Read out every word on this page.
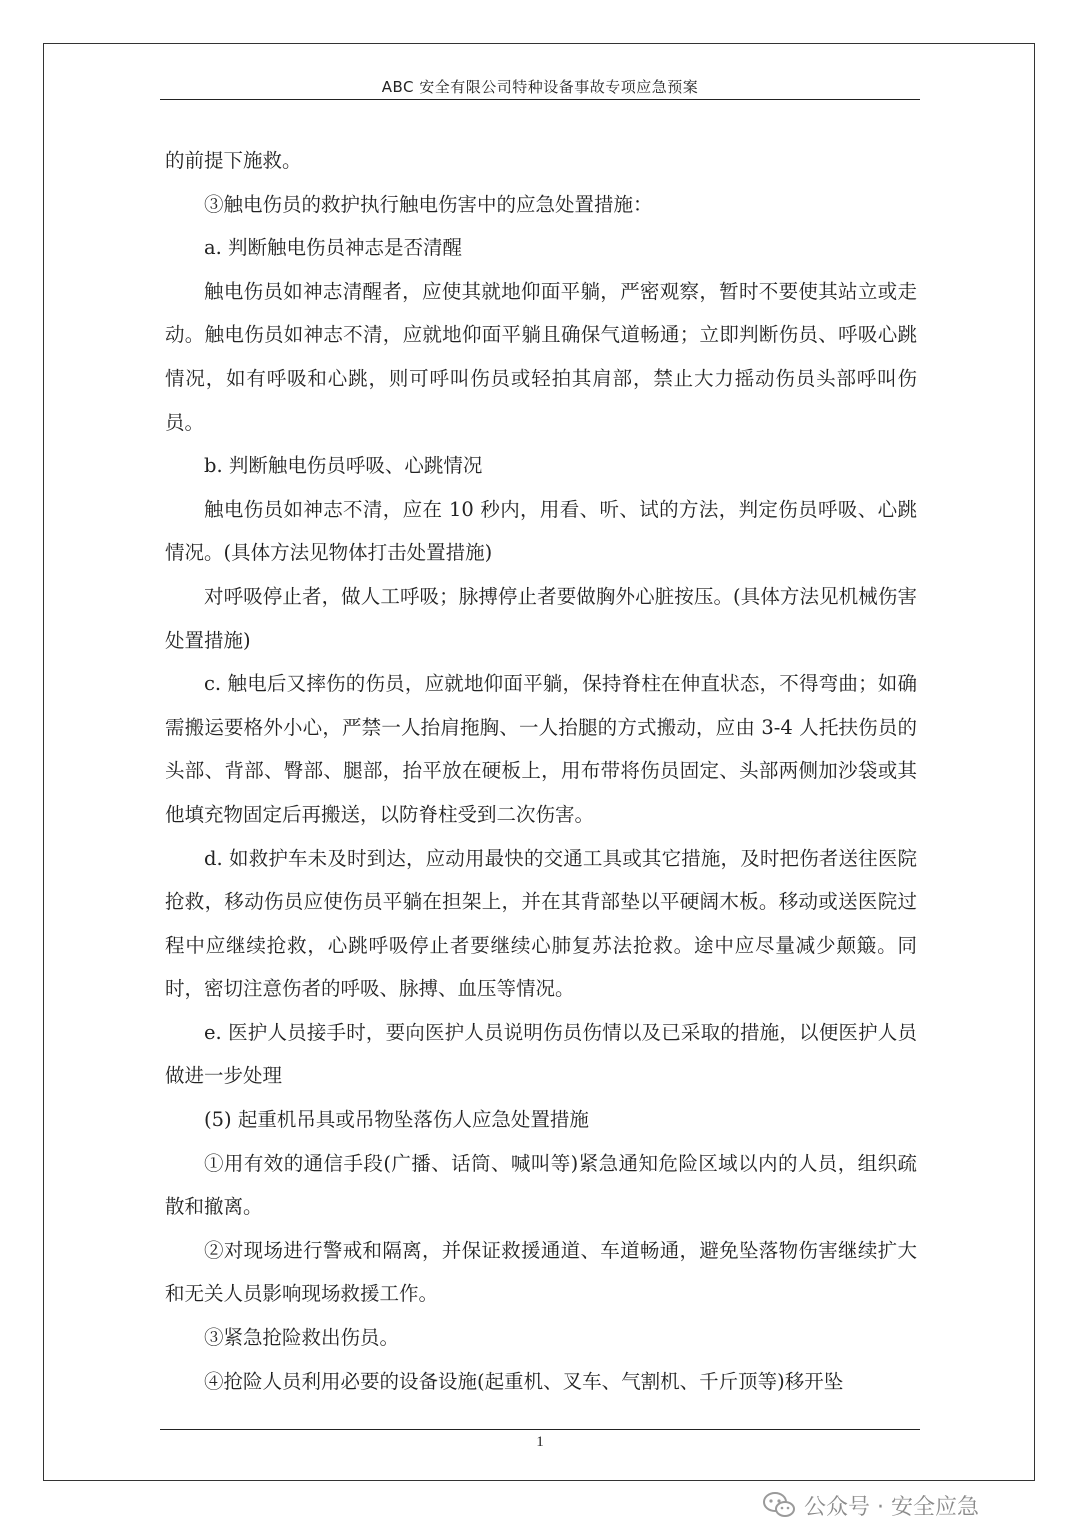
ABC 安全有限公司特种设备事故专项应急预案

的前提下施救。

③触电伤员的救护执行触电伤害中的应急处置措施：

a. 判断触电伤员神志是否清醒

触电伤员如神志清醒者，应使其就地仰面平躺，严密观察，暂时不要使其站立或走动。触电伤员如神志不清，应就地仰面平躺且确保气道畅通；立即判断伤员、呼吸心跳情况，如有呼吸和心跳，则可呼叫伤员或轻拍其肩部，禁止大力摇动伤员头部呼叫伤员。

b. 判断触电伤员呼吸、心跳情况

触电伤员如神志不清，应在 10 秒内，用看、听、试的方法，判定伤员呼吸、心跳情况。(具体方法见物体打击处置措施)

对呼吸停止者，做人工呼吸；脉搏停止者要做胸外心脏按压。(具体方法见机械伤害处置措施)

c. 触电后又摔伤的伤员，应就地仰面平躺，保持脊柱在伸直状态，不得弯曲；如确需搬运要格外小心，严禁一人抬肩拖胸、一人抬腿的方式搬动，应由 3-4 人托扶伤员的头部、背部、臀部、腿部，抬平放在硬板上，用布带将伤员固定、头部两侧加沙袋或其他填充物固定后再搬送，以防脊柱受到二次伤害。

d. 如救护车未及时到达，应动用最快的交通工具或其它措施，及时把伤者送往医院抢救，移动伤员应使伤员平躺在担架上，并在其背部垫以平硬阔木板。移动或送医院过程中应继续抢救，心跳呼吸停止者要继续心肺复苏法抢救。途中应尽量减少颠簸。同时，密切注意伤者的呼吸、脉搏、血压等情况。

e. 医护人员接手时，要向医护人员说明伤员伤情以及已采取的措施，以便医护人员做进一步处理

(5) 起重机吊具或吊物坠落伤人应急处置措施

①用有效的通信手段(广播、话筒、喊叫等)紧急通知危险区域以内的人员，组织疏散和撤离。

②对现场进行警戒和隔离，并保证救援通道、车道畅通，避免坠落物伤害继续扩大和无关人员影响现场救援工作。

③紧急抢险救出伤员。

④抢险人员利用必要的设备设施(起重机、叉车、气割机、千斤顶等)移开坠

1
公众号 · 安全应急
